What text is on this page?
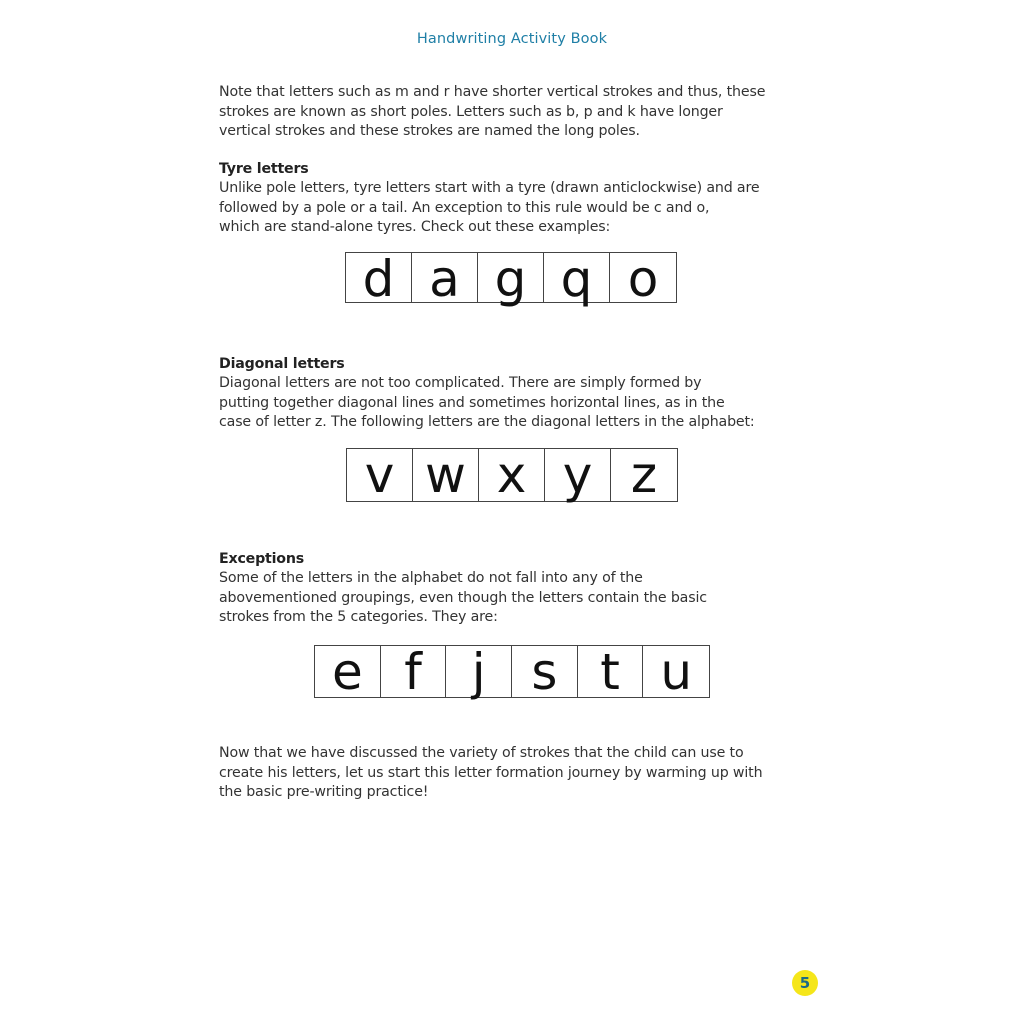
Handwriting Activity Book
Note that letters such as m and r have shorter vertical strokes and thus, these
strokes are known as short poles. Letters such as b, p and k have longer
vertical strokes and these strokes are named the long poles.
Tyre letters
Unlike pole letters, tyre letters start with a tyre (drawn anticlockwise) and are
followed by a pole or a tail. An exception to this rule would be c and o,
which are stand-alone tyres. Check out these examples:
d a g q o
Diagonal letters
Diagonal letters are not too complicated. There are simply formed by
putting together diagonal lines and sometimes horizontal lines, as in the
case of letter z. The following letters are the diagonal letters in the alphabet:
v w x y z
Exceptions
Some of the letters in the alphabet do not fall into any of the
abovementioned groupings, even though the letters contain the basic
strokes from the 5 categories. They are:
e f j s t u
Now that we have discussed the variety of strokes that the child can use to
create his letters, let us start this letter formation journey by warming up with
the basic pre-writing practice!
5
